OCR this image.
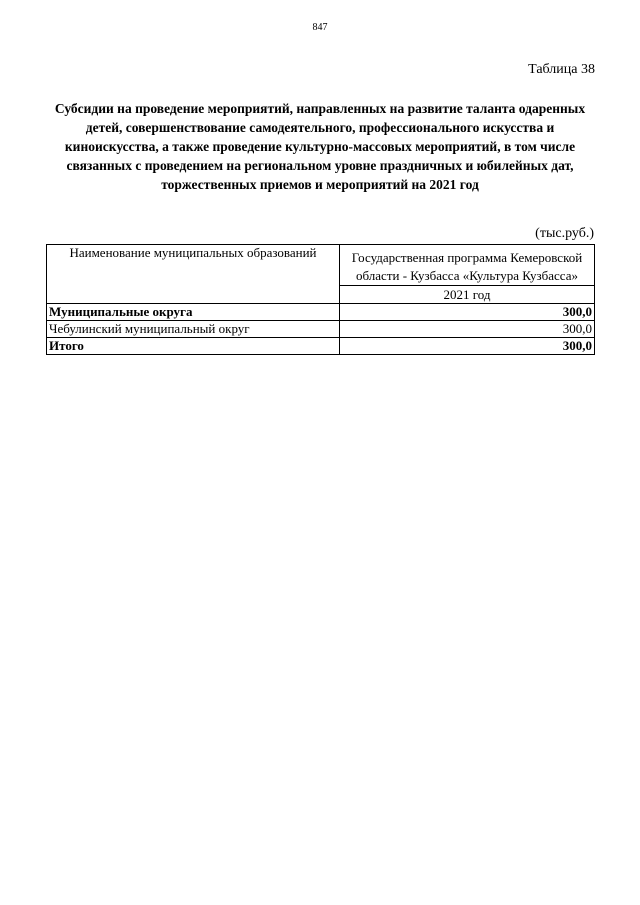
847
Таблица 38
Субсидии на проведение мероприятий, направленных на развитие таланта одаренных детей, совершенствование самодеятельного, профессионального искусства и киноискусства, а также проведение культурно-массовых мероприятий, в том числе связанных с проведением на региональном уровне праздничных и юбилейных дат, торжественных приемов и мероприятий на 2021 год
(тыс.руб.)
Наименование муниципальных образований	Государственная программа Кемеровской области - Кузбасса «Культура Кузбасса»
	2021 год
Муниципальные округа	300,0
Чебулинский муниципальный округ	300,0
Итого	300,0
